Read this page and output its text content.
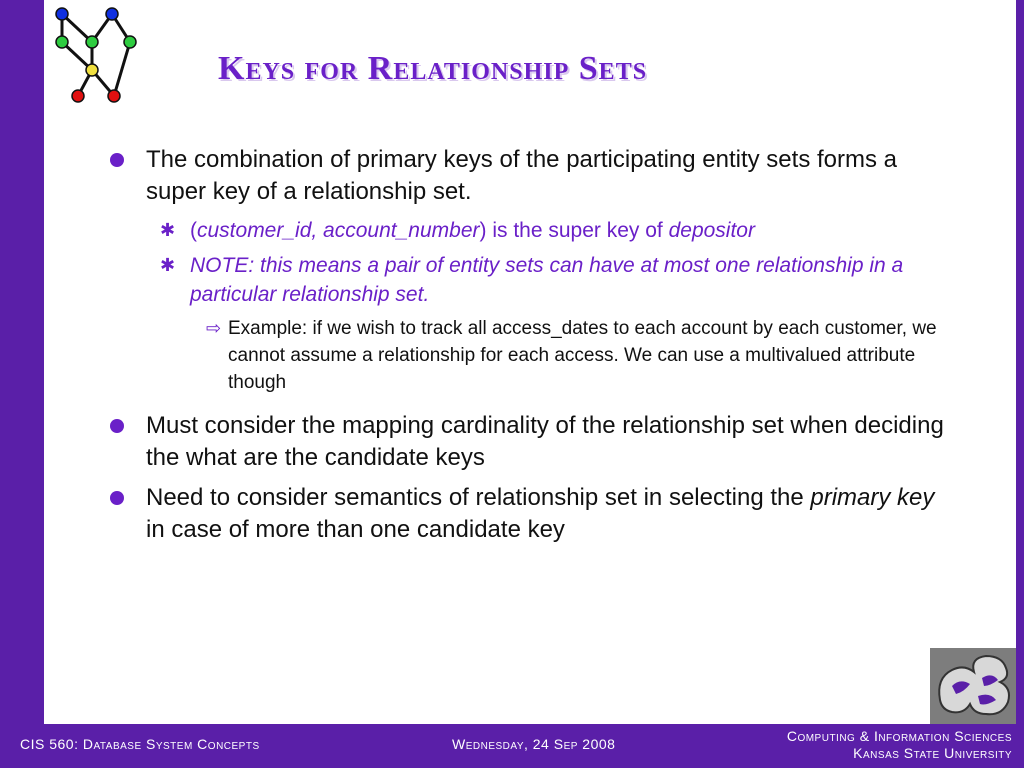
Keys for Relationship Sets
The combination of primary keys of the participating entity sets forms a super key of a relationship set.
✱ (customer_id, account_number) is the super key of depositor
✱ NOTE: this means a pair of entity sets can have at most one relationship in a particular relationship set.
⇨ Example: if we wish to track all access_dates to each account by each customer, we cannot assume a relationship for each access. We can use a multivalued attribute though
Must consider the mapping cardinality of the relationship set when deciding the what are the candidate keys
Need to consider semantics of relationship set in selecting the primary key in case of more than one candidate key
CIS 560: Database System Concepts	Wednesday, 24 Sep 2008	Computing & Information Sciences
Kansas State University
